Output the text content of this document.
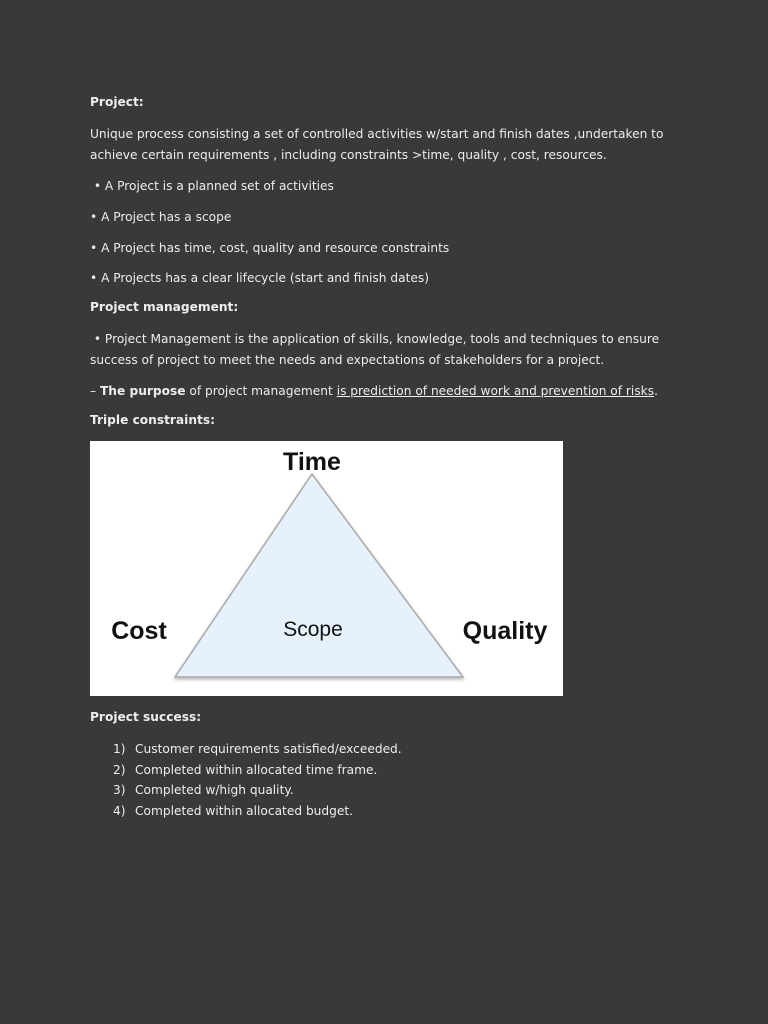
Project:

Unique process consisting a set of controlled activities w/start and finish dates ,undertaken to

achieve certain requirements , including constraints >time, quality , cost, resources.

• A Project is a planned set of activities

• A Project has a scope

• A Project has time, cost, quality and resource constraints

• A Projects has a clear lifecycle (start and finish dates)

Project management:

• Project Management is the application of skills, knowledge, tools and techniques to ensure

success of project to meet the needs and expectations of stakeholders for a project.

– The purpose of project management is prediction of needed work and prevention of risks.

Triple constraints:

Time
Cost	Quality
Scope

Project success:

1) Customer requirements satisfied/exceeded.
2) Completed within allocated time frame.
3) Completed w/high quality.
4) Completed within allocated budget.
